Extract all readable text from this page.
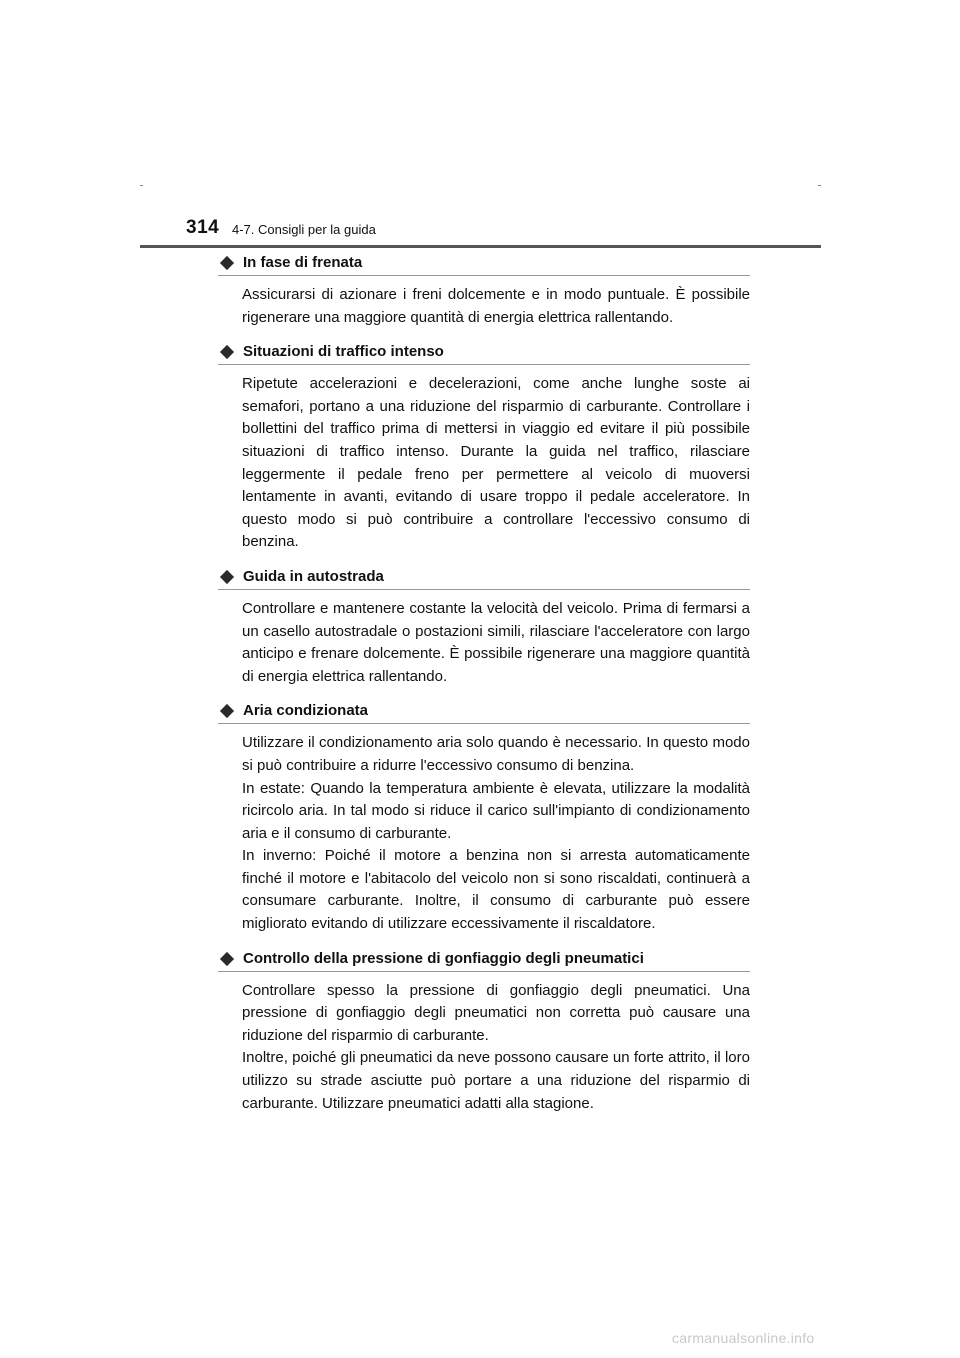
314 4-7. Consigli per la guida
In fase di frenata

Assicurarsi di azionare i freni dolcemente e in modo puntuale. È possibile rigenerare una maggiore quantità di energia elettrica rallentando.

Situazioni di traffico intenso

Ripetute accelerazioni e decelerazioni, come anche lunghe soste ai semafori, portano a una riduzione del risparmio di carburante. Controllare i bollettini del traffico prima di mettersi in viaggio ed evitare il più possibile situazioni di traffico intenso. Durante la guida nel traffico, rilasciare leggermente il pedale freno per permettere al veicolo di muoversi lentamente in avanti, evitando di usare troppo il pedale acceleratore. In questo modo si può contribuire a controllare l'eccessivo consumo di benzina.

Guida in autostrada

Controllare e mantenere costante la velocità del veicolo. Prima di fermarsi a un casello autostradale o postazioni simili, rilasciare l'acceleratore con largo anticipo e frenare dolcemente. È possibile rigenerare una maggiore quantità di energia elettrica rallentando.

Aria condizionata

Utilizzare il condizionamento aria solo quando è necessario. In questo modo si può contribuire a ridurre l'eccessivo consumo di benzina.

In estate: Quando la temperatura ambiente è elevata, utilizzare la modalità ricircolo aria. In tal modo si riduce il carico sull'impianto di condizionamento aria e il consumo di carburante.

In inverno: Poiché il motore a benzina non si arresta automaticamente finché il motore e l'abitacolo del veicolo non si sono riscaldati, continuerà a consumare carburante. Inoltre, il consumo di carburante può essere migliorato evitando di utilizzare eccessivamente il riscaldatore.

Controllo della pressione di gonfiaggio degli pneumatici

Controllare spesso la pressione di gonfiaggio degli pneumatici. Una pressione di gonfiaggio degli pneumatici non corretta può causare una riduzione del risparmio di carburante.

Inoltre, poiché gli pneumatici da neve possono causare un forte attrito, il loro utilizzo su strade asciutte può portare a una riduzione del risparmio di carburante. Utilizzare pneumatici adatti alla stagione.

carmanualsonline.info
